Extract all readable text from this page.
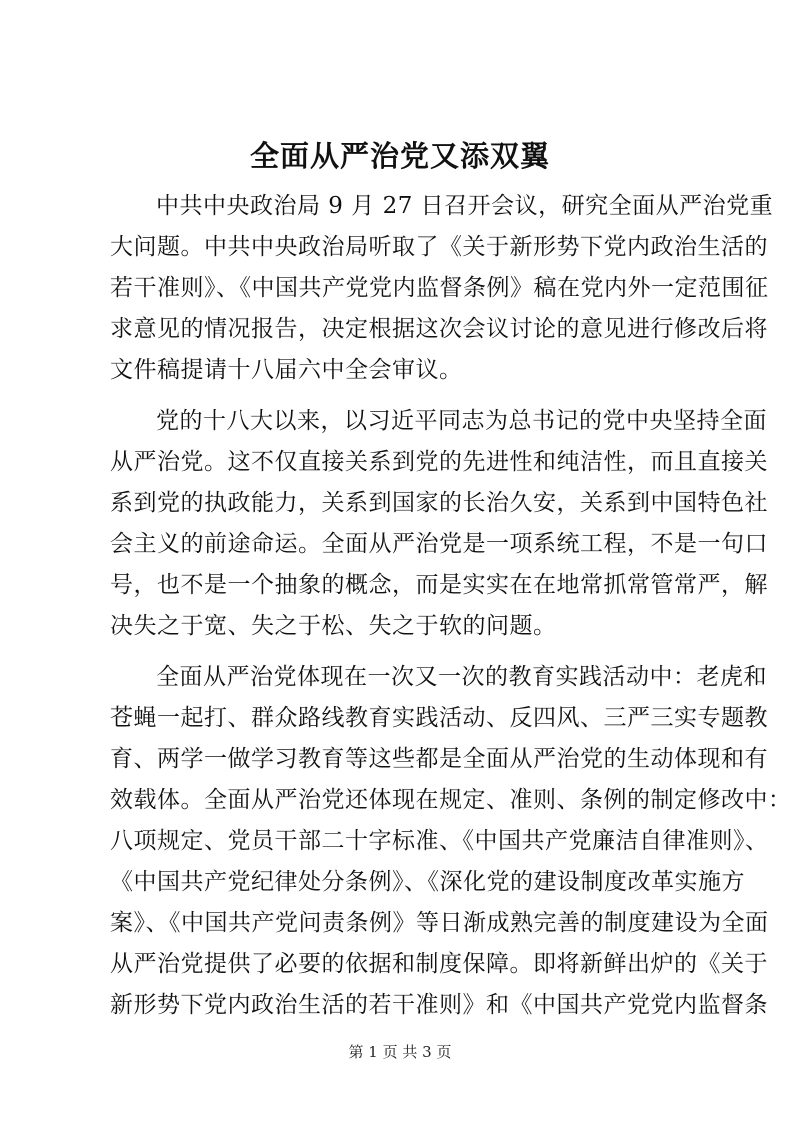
全面从严治党又添双翼
中共中央政治局 9 月 27 日召开会议，研究全面从严治党重
大问题。中共中央政治局听取了《关于新形势下党内政治生活的
若干准则》、《中国共产党党内监督条例》稿在党内外一定范围征
求意见的情况报告，决定根据这次会议讨论的意见进行修改后将
文件稿提请十八届六中全会审议。
党的十八大以来，以习近平同志为总书记的党中央坚持全面
从严治党。这不仅直接关系到党的先进性和纯洁性，而且直接关
系到党的执政能力，关系到国家的长治久安，关系到中国特色社
会主义的前途命运。全面从严治党是一项系统工程，不是一句口
号，也不是一个抽象的概念，而是实实在在地常抓常管常严，解
决失之于宽、失之于松、失之于软的问题。
全面从严治党体现在一次又一次的教育实践活动中：老虎和
苍蝇一起打、群众路线教育实践活动、反四风、三严三实专题教
育、两学一做学习教育等这些都是全面从严治党的生动体现和有
效载体。全面从严治党还体现在规定、准则、条例的制定修改中：
八项规定、党员干部二十字标准、《中国共产党廉洁自律准则》、
《中国共产党纪律处分条例》、《深化党的建设制度改革实施方
案》、《中国共产党问责条例》等日渐成熟完善的制度建设为全面
从严治党提供了必要的依据和制度保障。即将新鲜出炉的《关于
新形势下党内政治生活的若干准则》和《中国共产党党内监督条
第 1 页 共 3 页
